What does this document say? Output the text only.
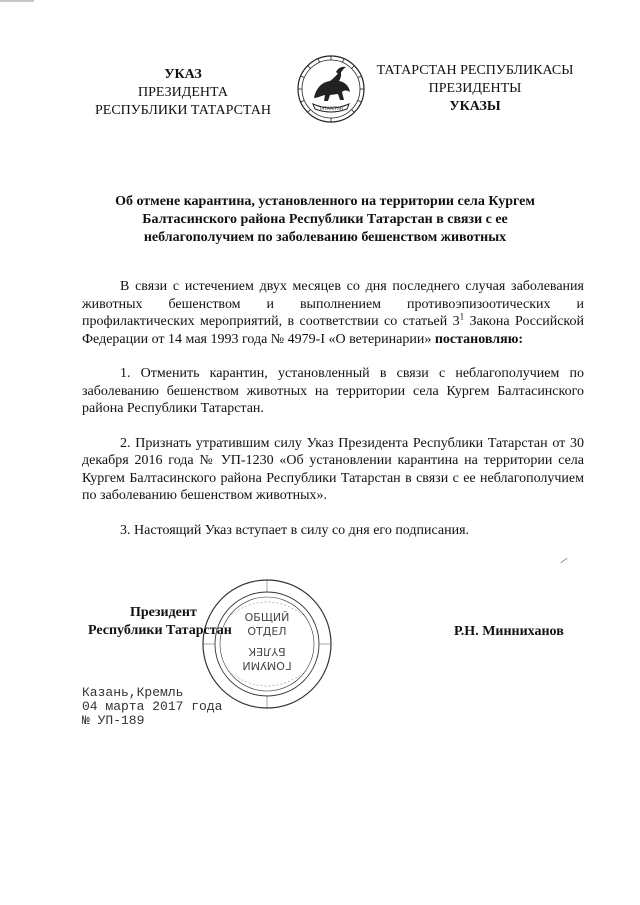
УКАЗ
ПРЕЗИДЕНТА
РЕСПУБЛИКИ ТАТАРСТАН	ТАТАРСТАН
ТАТАРСТАН РЕСПУБЛИКАСЫ
ПРЕЗИДЕНТЫ
УКАЗЫ
Об отмене карантина, установленного на территории села Кургем
Балтасинского района Республики Татарстан в связи с ее
неблагополучием по заболеванию бешенством животных

В связи с истечением двух месяцев со дня последнего случая заболевания животных бешенством и выполнением противоэпизоотических и профилактических мероприятий, в соответствии со статьей $3^1$ Закона Российской Федерации от 14 мая 1993 года № 4979-I «О ветеринарии» постановляю:

1. Отменить карантин, установленный в связи с неблагополучием по заболеванию бешенством животных на территории села Кургем Балтасинского района Республики Татарстан.

2. Признать утратившим силу Указ Президента Республики Татарстан от 30 декабря 2016 года № УП-1230 «Об установлении карантина на территории села Кургем Балтасинского района Республики Татарстан в связи с ее неблагополучием по заболеванию бешенством животных».

3. Настоящий Указ вступает в силу со дня его подписания.

ОБЩИЙ
ОТДЕЛ
БҮЛЕК
ГОМУМИ
Президент
Республики Татарстан	Р.Н. Минниханов
Казань,Кремль
04 марта 2017 года
№ УП-189
